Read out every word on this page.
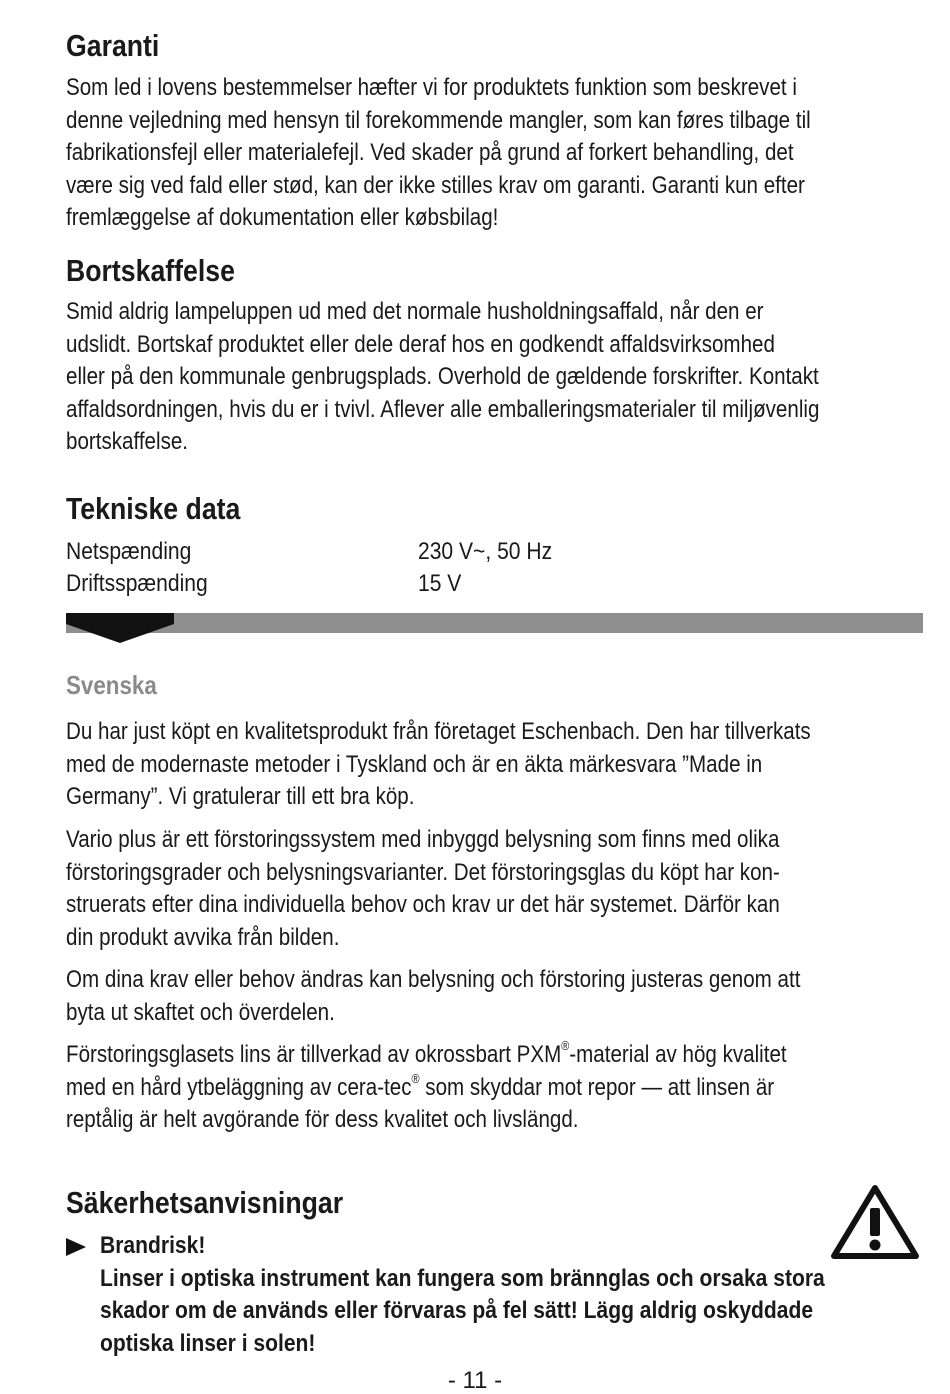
Garanti
Som led i lovens bestemmelser hæfter vi for produktets funktion som beskrevet i
denne vejledning med hensyn til forekommende mangler, som kan føres tilbage til
fabrikationsfejl eller materialefejl. Ved skader på grund af forkert behandling, det
være sig ved fald eller stød, kan der ikke stilles krav om garanti. Garanti kun efter
fremlæggelse af dokumentation eller købsbilag!
Bortskaffelse
Smid aldrig lampeluppen ud med det normale husholdningsaffald, når den er
udslidt. Bortskaf produktet eller dele deraf hos en godkendt affaldsvirksomhed
eller på den kommunale genbrugsplads. Overhold de gældende forskrifter. Kontakt
affaldsordningen, hvis du er i tvivl. Aflever alle emballeringsmaterialer til miljøvenlig
bortskaffelse.
Tekniske data
Netspænding	230 V~, 50 Hz
Driftsspænding	15 V
Svenska
Du har just köpt en kvalitetsprodukt från företaget Eschenbach. Den har tillverkats
med de modernaste metoder i Tyskland och är en äkta märkesvara ”Made in
Germany”. Vi gratulerar till ett bra köp.
Vario plus är ett förstoringssystem med inbyggd belysning som finns med olika
förstoringsgrader och belysningsvarianter. Det förstoringsglas du köpt har kon-
struerats efter dina individuella behov och krav ur det här systemet. Därför kan
din produkt avvika från bilden.
Om dina krav eller behov ändras kan belysning och förstoring justeras genom att
byta ut skaftet och överdelen.
Förstoringsglasets lins är tillverkad av okrossbart PXM®-material av hög kvalitet
med en hård ytbeläggning av cera-tec® som skyddar mot repor — att linsen är
reptålig är helt avgörande för dess kvalitet och livslängd.
Säkerhetsanvisningar
Brandrisk!
Linser i optiska instrument kan fungera som brännglas och orsaka stora
skador om de används eller förvaras på fel sätt! Lägg aldrig oskyddade
optiska linser i solen!
- 11 -
